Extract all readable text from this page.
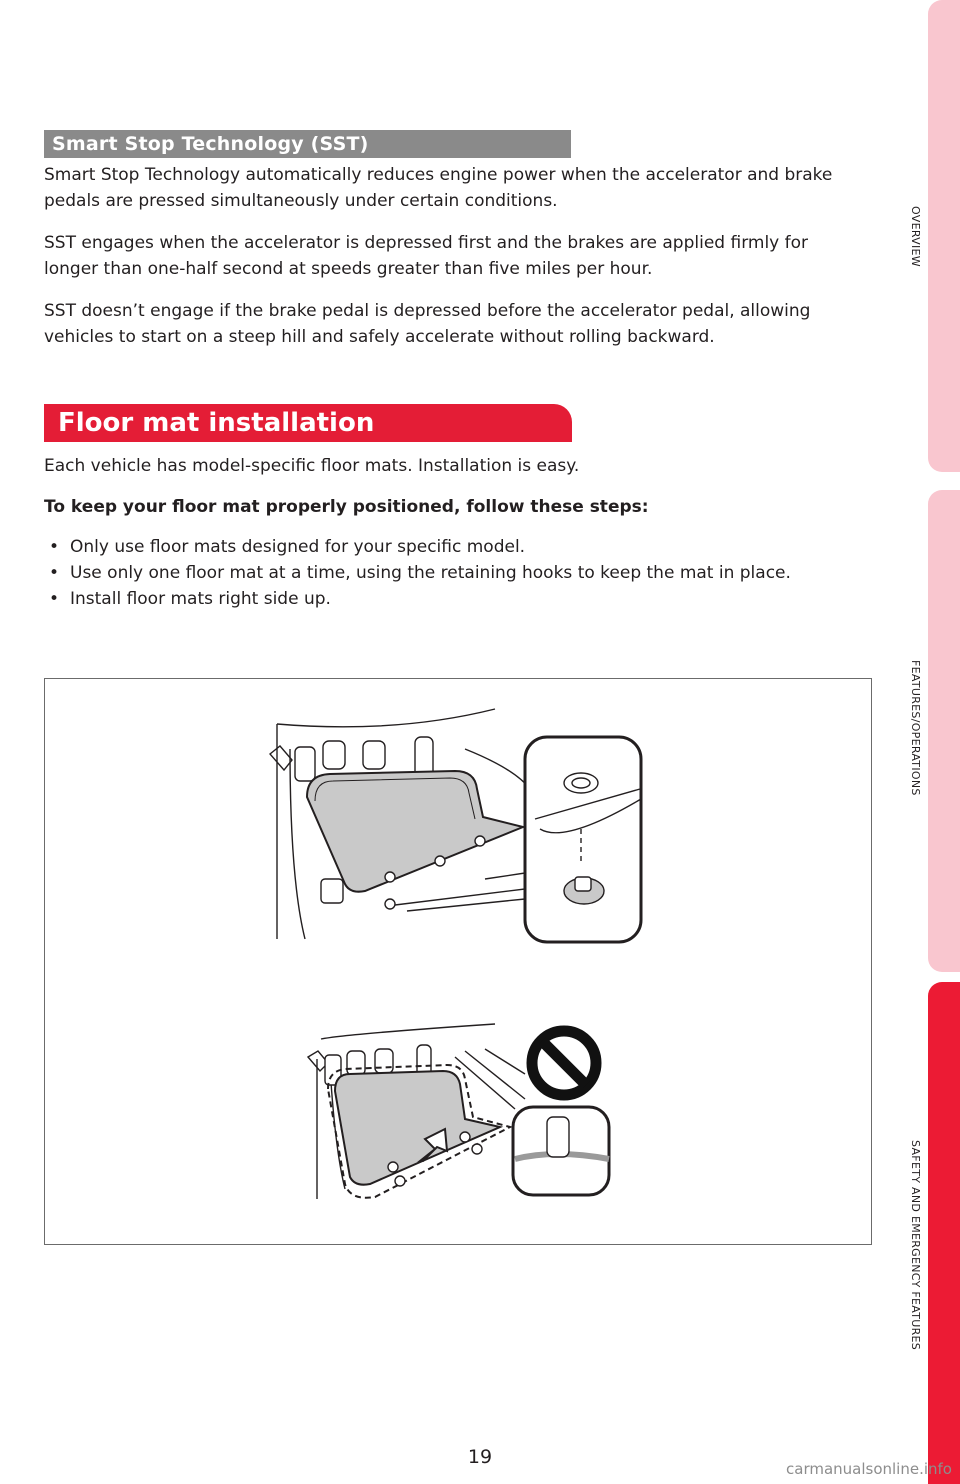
OVERVIEW
FEATURES/OPERATIONS
SAFETY AND EMERGENCY FEATURES
Smart Stop Technology (SST)

Smart Stop Technology automatically reduces engine power when the accelerator and brake pedals are pressed simultaneously under certain conditions.

SST engages when the accelerator is depressed first and the brakes are applied firmly for longer than one-half second at speeds greater than five miles per hour.

SST doesn’t engage if the brake pedal is depressed before the accelerator pedal, allowing vehicles to start on a steep hill and safely accelerate without rolling backward.

Floor mat installation

Each vehicle has model-specific floor mats. Installation is easy.

To keep your floor mat properly positioned, follow these steps:

• Only use floor mats designed for your specific model.
• Use only one floor mat at a time, using the retaining hooks to keep the mat in place.
• Install floor mats right side up.
19
carmanualsonline.info
